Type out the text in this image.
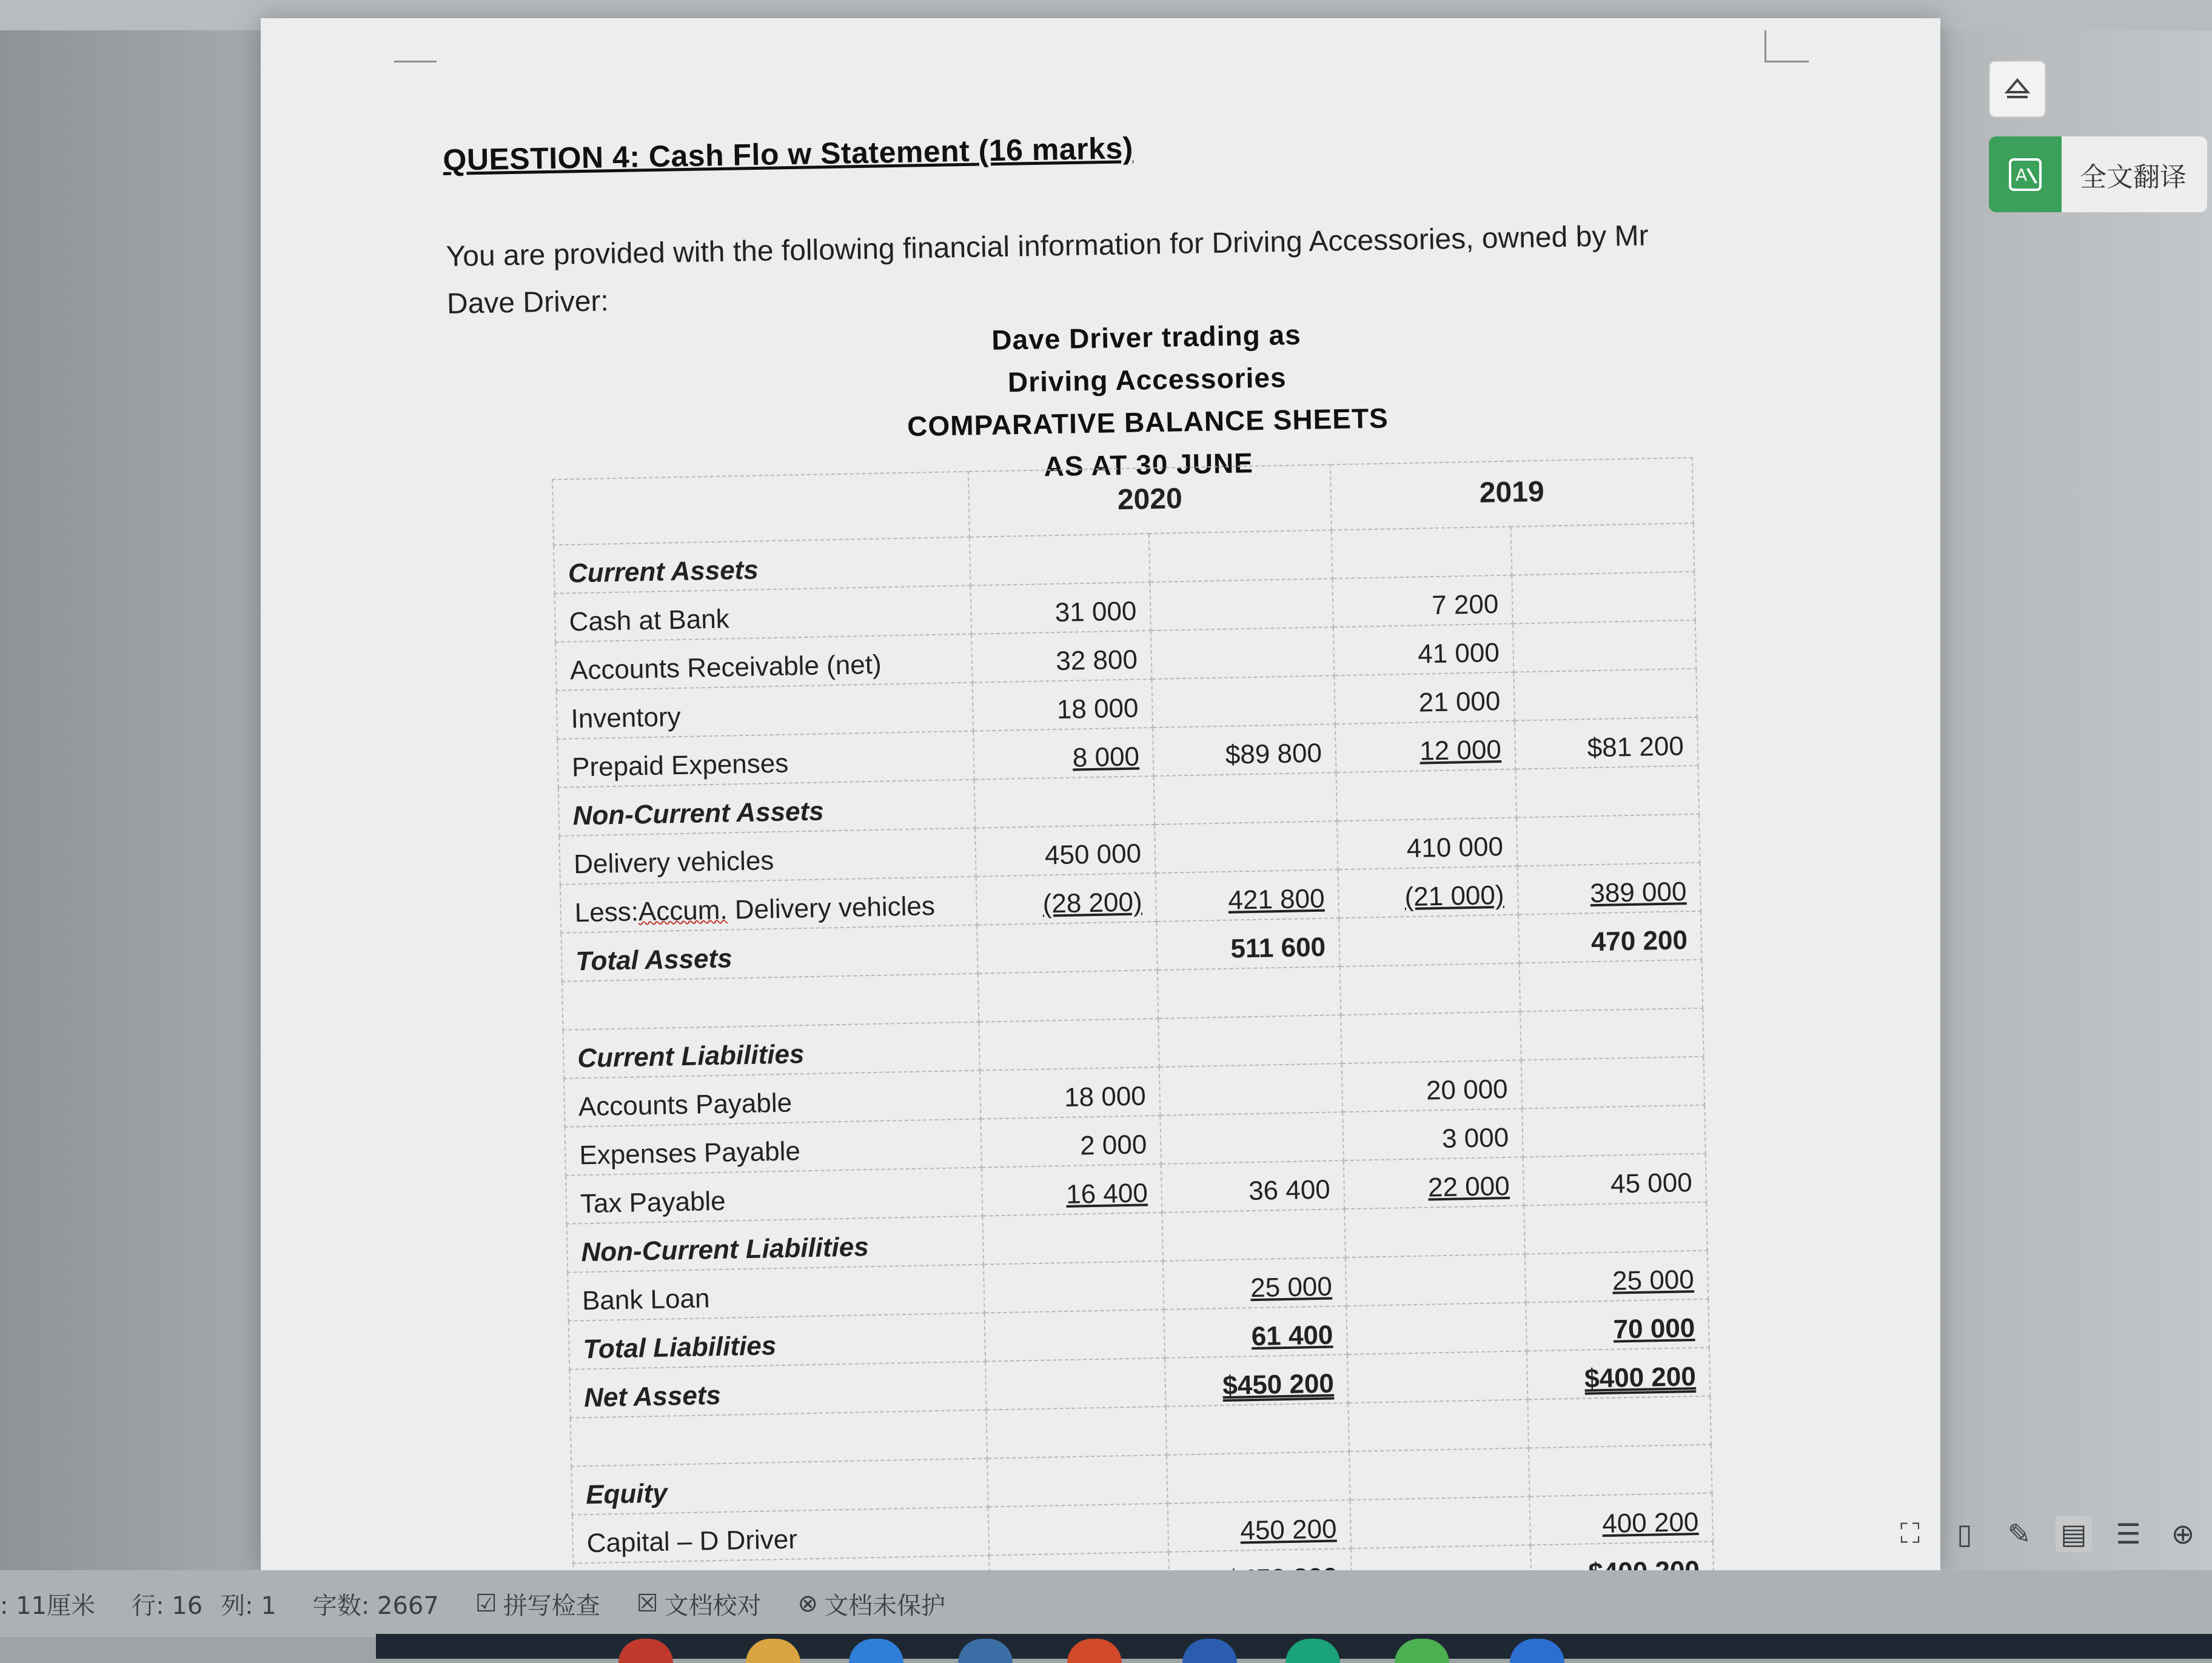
QUESTION 4: Cash Flo w Statement (16 marks)
You are provided with the following financial information for Driving Accessories, owned by Mr
Dave Driver:
Dave Driver trading as
Driving Accessories
COMPARATIVE BALANCE SHEETS
AS AT 30 JUNE
	2020		2019	
Current Assets				
Cash at Bank	31 000		7 200	
Accounts Receivable (net)	32 800		41 000	
Inventory	18 000		21 000	
Prepaid Expenses	8 000	$89 800	12 000	$81 200
Non-Current Assets				
Delivery vehicles	450 000		410 000	
Less:Accum. Delivery vehicles	(28 200)	421 800	(21 000)	389 000
Total Assets		511 600		470 200

Current Liabilities				
Accounts Payable	18 000		20 000	
Expenses Payable	2 000		3 000	
Tax Payable	16 400	36 400	22 000	45 000
Non-Current Liabilities				
Bank Loan		25 000		25 000
Total Liabilities		61 400		70 000
Net Assets		$450 200		$400 200

Equity				
Capital – D Driver		450 200		400 200

A 全文翻译
⛶	▯	✎ ▤ ☰ ⊕
: 11厘米 行: 16 列: 1 字数: 2667 ☑ 拼写检查 ☒ 文档校对 ⊗ 文档未保护
